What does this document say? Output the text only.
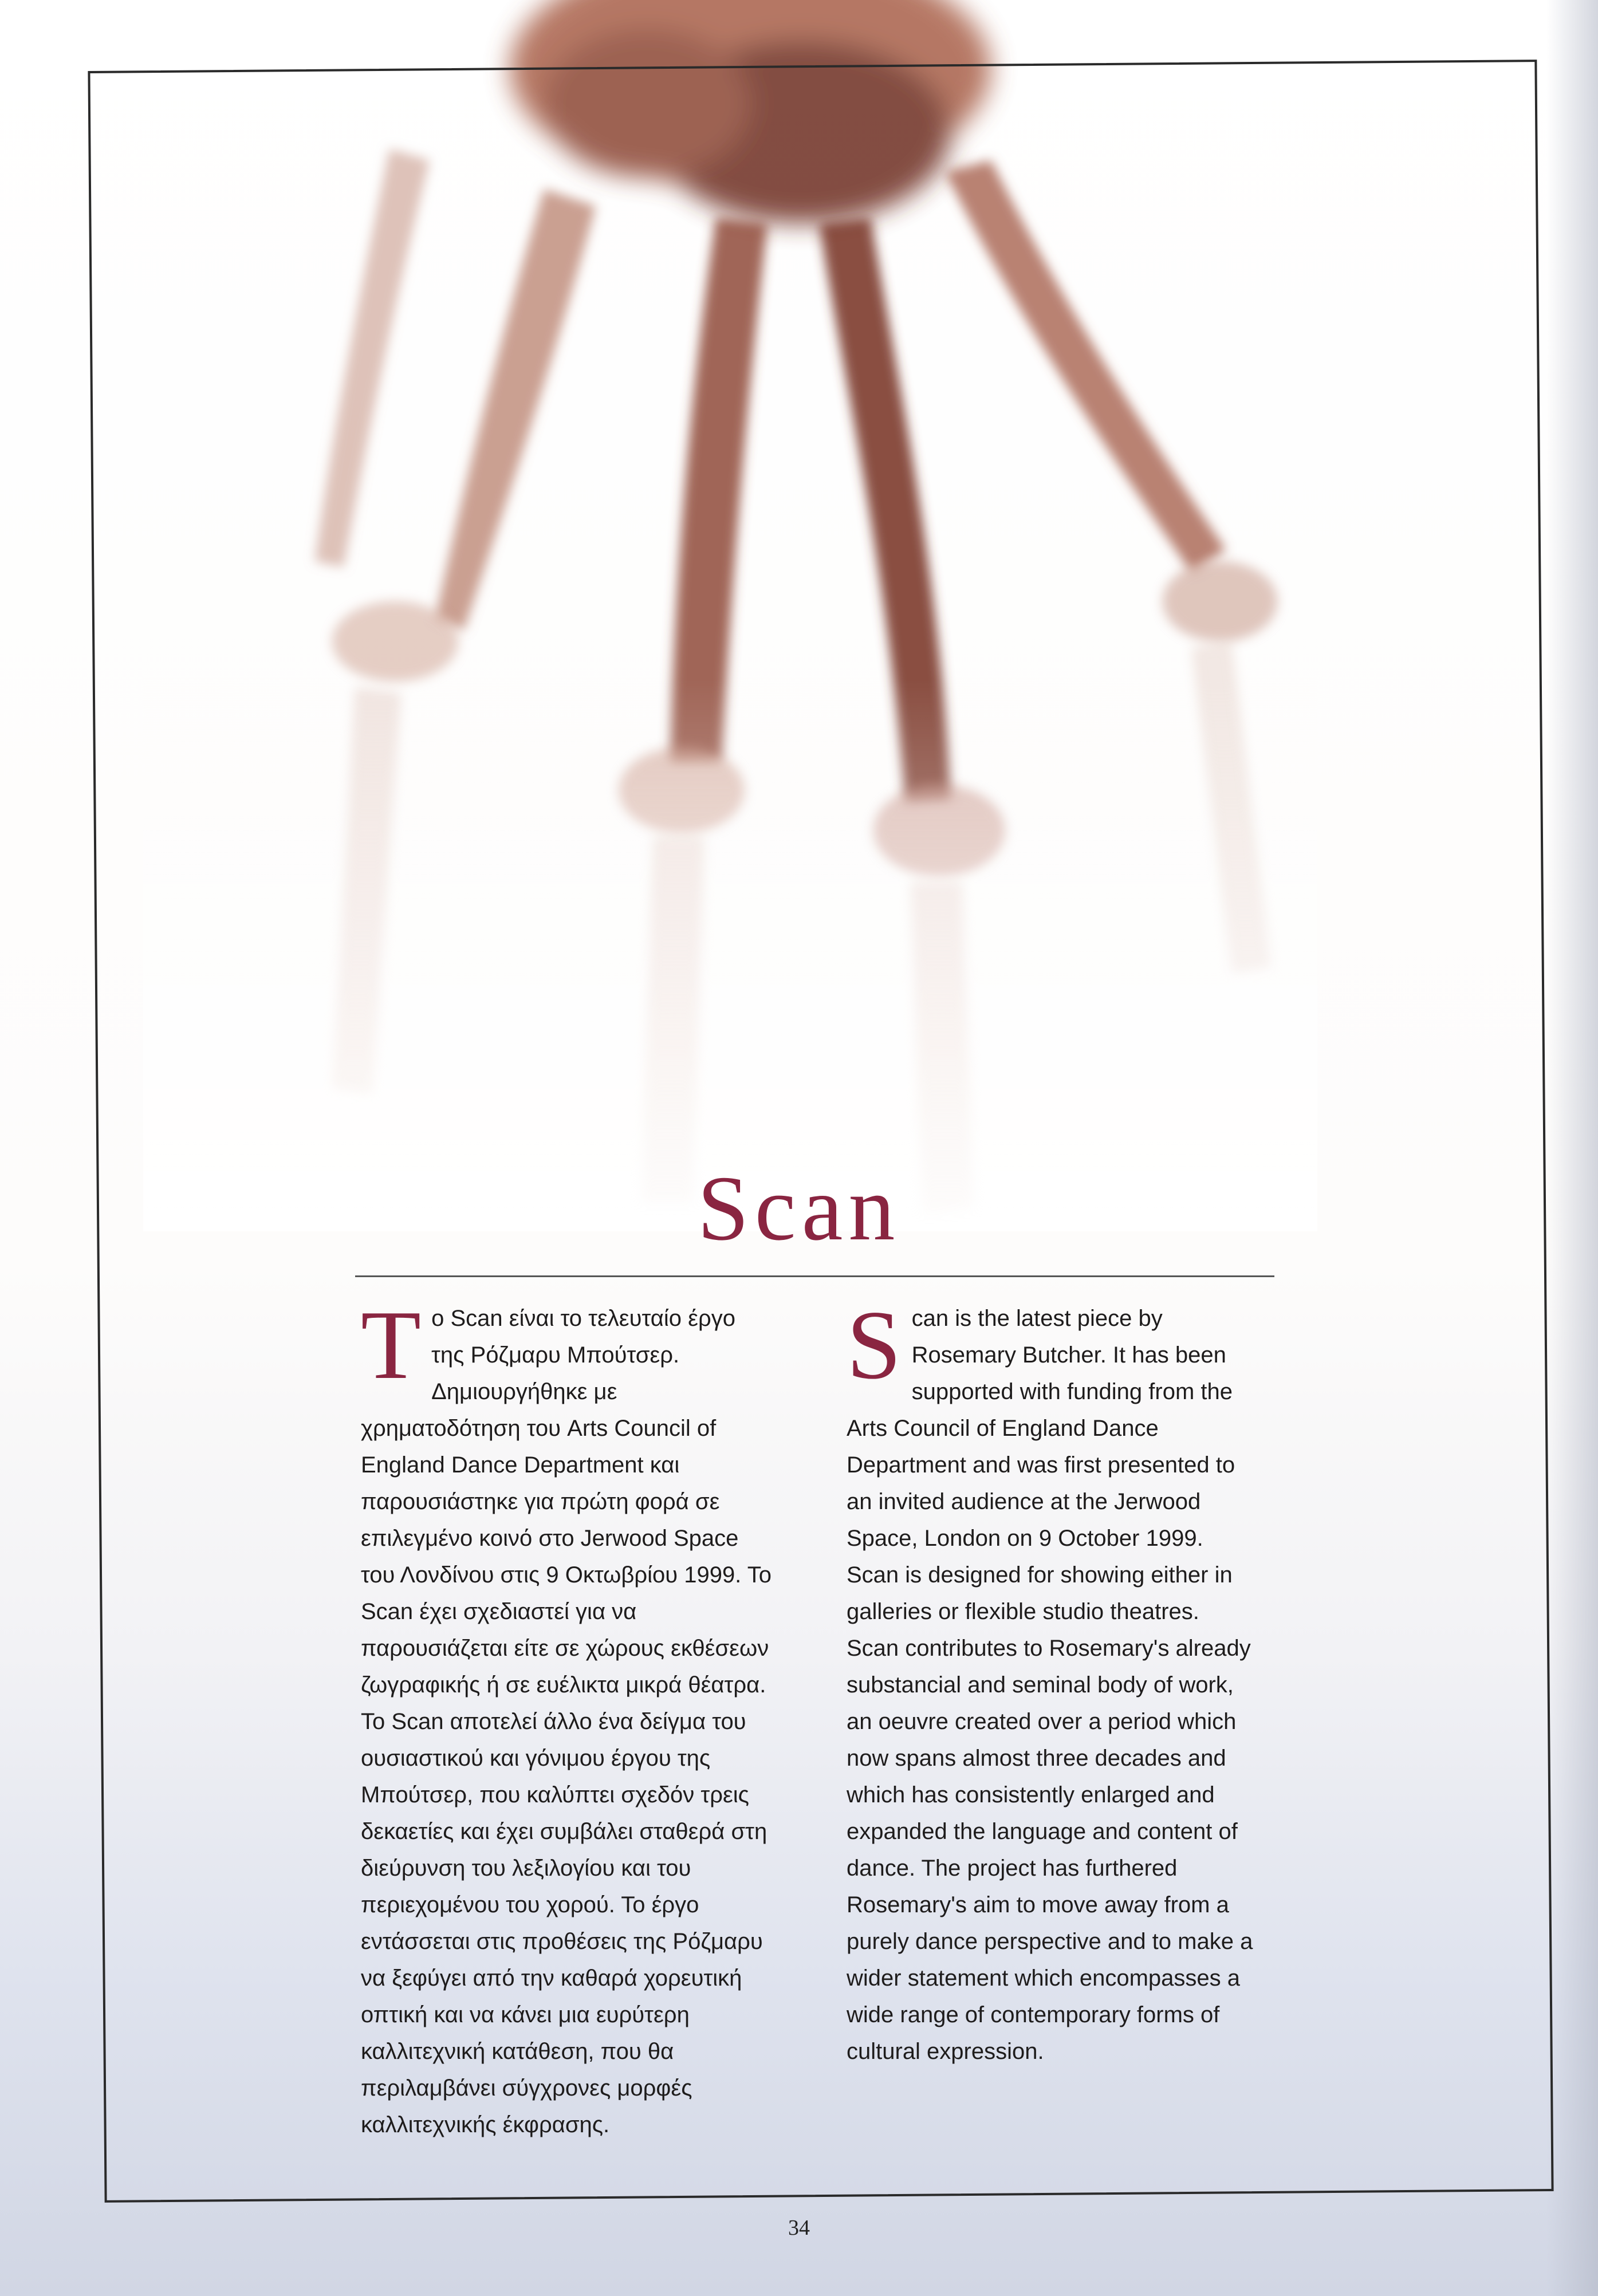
Scan

Tο Scan είναι το τελευταίο έργο της Ρόζμαρυ Μπούτσερ. Δημιουργήθηκε με χρηματοδότηση του Arts Council of England Dance Department και παρουσιάστηκε για πρώτη φορά σε επιλεγμένο κοινό στο Jerwood Space του Λονδίνου στις 9 Οκτωβρίου 1999. Το Scan έχει σχεδιαστεί για να παρουσιάζεται είτε σε χώρους εκθέσεων ζωγραφικής ή σε ευέλικτα μικρά θέατρα.

Το Scan αποτελεί άλλο ένα δείγμα του ουσιαστικού και γόνιμου έργου της Μπούτσερ, που καλύπτει σχεδόν τρεις δεκαετίες και έχει συμβάλει σταθερά στη διεύρυνση του λεξιλογίου και του περιεχομένου του χορού. Το έργο εντάσσεται στις προθέσεις της Ρόζμαρυ να ξεφύγει από την καθαρά χορευτική οπτική και να κάνει μια ευρύτερη καλλιτεχνική κατάθεση, που θα περιλαμβάνει σύγχρονες μορφές καλλιτεχνικής έκφρασης.

Scan is the latest piece by Rosemary Butcher. It has been supported with funding from the Arts Council of England Dance Department and was first presented to an invited audience at the Jerwood Space, London on 9 October 1999. Scan is designed for showing either in galleries or flexible studio theatres.

Scan contributes to Rosemary's already substancial and seminal body of work, an oeuvre created over a period which now spans almost three decades and which has consistently enlarged and expanded the language and content of dance. The project has furthered Rosemary's aim to move away from a purely dance perspective and to make a wider statement which encompasses a wide range of contemporary forms of cultural expression.

34
